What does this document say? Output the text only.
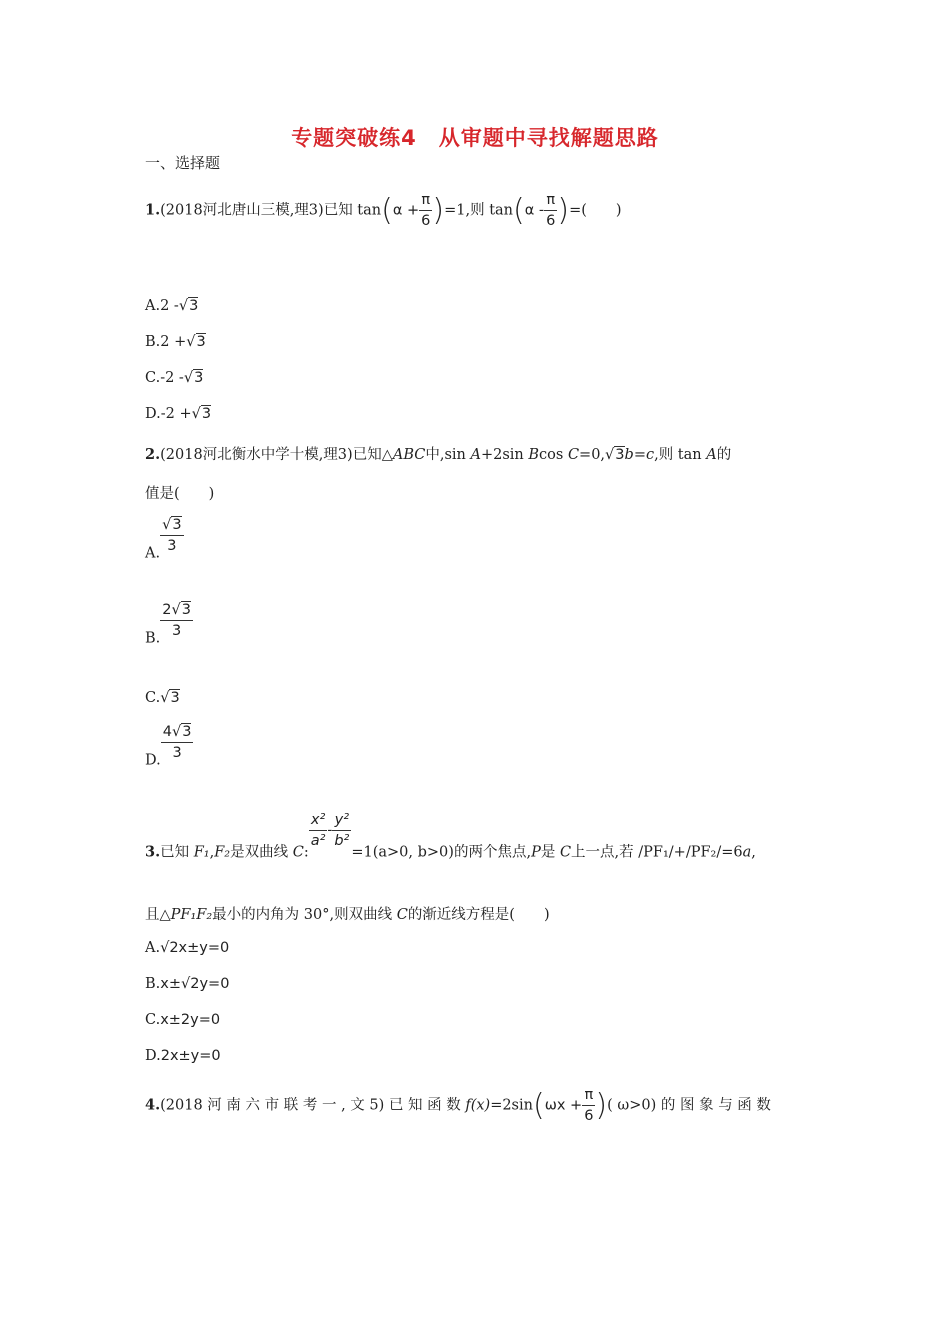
专题突破练4　从审题中寻找解题思路
一、选择题
1.(2018河北唐山三模,理3)已知 $\tan(\alpha + \frac{\pi}{6} )=1$,则 $\tan(\alpha - \frac{\pi}{6}$ )=(　　)
A.2 -√3
B.2 +√3
C.-2 -√3
D.-2 +√3
2.(2018河北衡水中学十模,理3)已知△ABC中,sin A+2sin Bcos C=0,√3b=c,则 tan A的
值是(　　)
A. $\frac{√3}{3}$
B. $\frac{2√3}{3}$
C.√3
D. $\frac{4√3}{3}$
3.已知 F₁,F₂是双曲线 C:
$\frac{\text{x²}}{\text{a²}} - \frac{\text{y²}}{\text{b²}}$
=1(a>0, b>0)的两个焦点,P是 C上一点,若 /PF₁/+/PF₂/=6a,
且△PF₁F₂最小的内角为 30°,则双曲线 C的渐近线方程是(　　)
A.√2x±y=0
B.x±√2y=0
C.x±2y=0
D.2x±y=0
4.(2018 河 南 六 市 联 考 一 , 文 5) 已 知 函 数 $f(x)=2\sin(\omega x + \frac{\pi}{6}$ )( ω>0) 的 图 象 与 函 数
